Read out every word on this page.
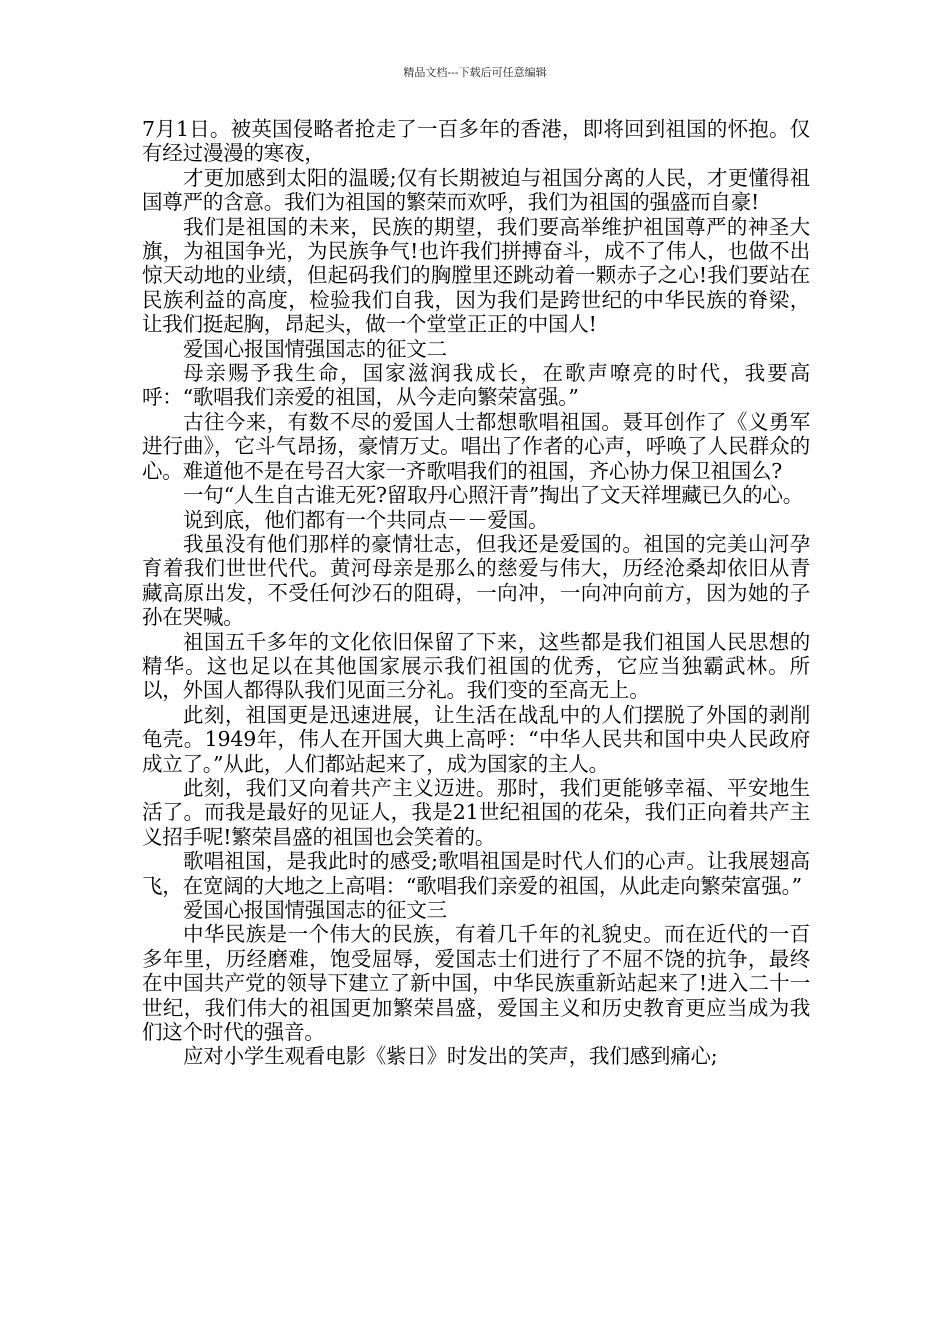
精品文档---下载后可任意编辑

7月1日。被英国侵略者抢走了一百多年的香港，即将回到祖国的怀抱。仅有经过漫漫的寒夜，

才更加感到太阳的温暖;仅有长期被迫与祖国分离的人民，才更懂得祖国尊严的含意。我们为祖国的繁荣而欢呼，我们为祖国的强盛而自豪!

我们是祖国的未来，民族的期望，我们要高举维护祖国尊严的神圣大旗，为祖国争光，为民族争气!也许我们拼搏奋斗，成不了伟人，也做不出惊天动地的业绩，但起码我们的胸膛里还跳动着一颗赤子之心!我们要站在民族利益的高度，检验我们自我，因为我们是跨世纪的中华民族的脊梁，让我们挺起胸，昂起头，做一个堂堂正正的中国人!

爱国心报国情强国志的征文二

母亲赐予我生命，国家滋润我成长，在歌声嘹亮的时代，我要高呼：“歌唱我们亲爱的祖国，从今走向繁荣富强。”

古往今来，有数不尽的爱国人士都想歌唱祖国。聂耳创作了《义勇军进行曲》，它斗气昂扬，豪情万丈。唱出了作者的心声，呼唤了人民群众的心。难道他不是在号召大家一齐歌唱我们的祖国，齐心协力保卫祖国么?

一句“人生自古谁无死?留取丹心照汗青”掏出了文天祥埋藏已久的心。

说到底，他们都有一个共同点－－爱国。

我虽没有他们那样的豪情壮志，但我还是爱国的。祖国的完美山河孕育着我们世世代代。黄河母亲是那么的慈爱与伟大，历经沧桑却依旧从青藏高原出发，不受任何沙石的阻碍，一向冲，一向冲向前方，因为她的子孙在哭喊。

祖国五千多年的文化依旧保留了下来，这些都是我们祖国人民思想的精华。这也足以在其他国家展示我们祖国的优秀，它应当独霸武林。所以，外国人都得队我们见面三分礼。我们变的至高无上。

此刻，祖国更是迅速进展，让生活在战乱中的人们摆脱了外国的剥削龟壳。1949年，伟人在开国大典上高呼：“中华人民共和国中央人民政府成立了。”从此，人们都站起来了，成为国家的主人。

此刻，我们又向着共产主义迈进。那时，我们更能够幸福、平安地生活了。而我是最好的见证人，我是21世纪祖国的花朵，我们正向着共产主义招手呢!繁荣昌盛的祖国也会笑着的。

歌唱祖国，是我此时的感受;歌唱祖国是时代人们的心声。让我展翅高飞，在宽阔的大地之上高唱：“歌唱我们亲爱的祖国，从此走向繁荣富强。”

爱国心报国情强国志的征文三

中华民族是一个伟大的民族，有着几千年的礼貌史。而在近代的一百多年里，历经磨难，饱受屈辱，爱国志士们进行了不屈不饶的抗争，最终在中国共产党的领导下建立了新中国，中华民族重新站起来了!进入二十一世纪，我们伟大的祖国更加繁荣昌盛，爱国主义和历史教育更应当成为我们这个时代的强音。

应对小学生观看电影《紫日》时发出的笑声，我们感到痛心;
